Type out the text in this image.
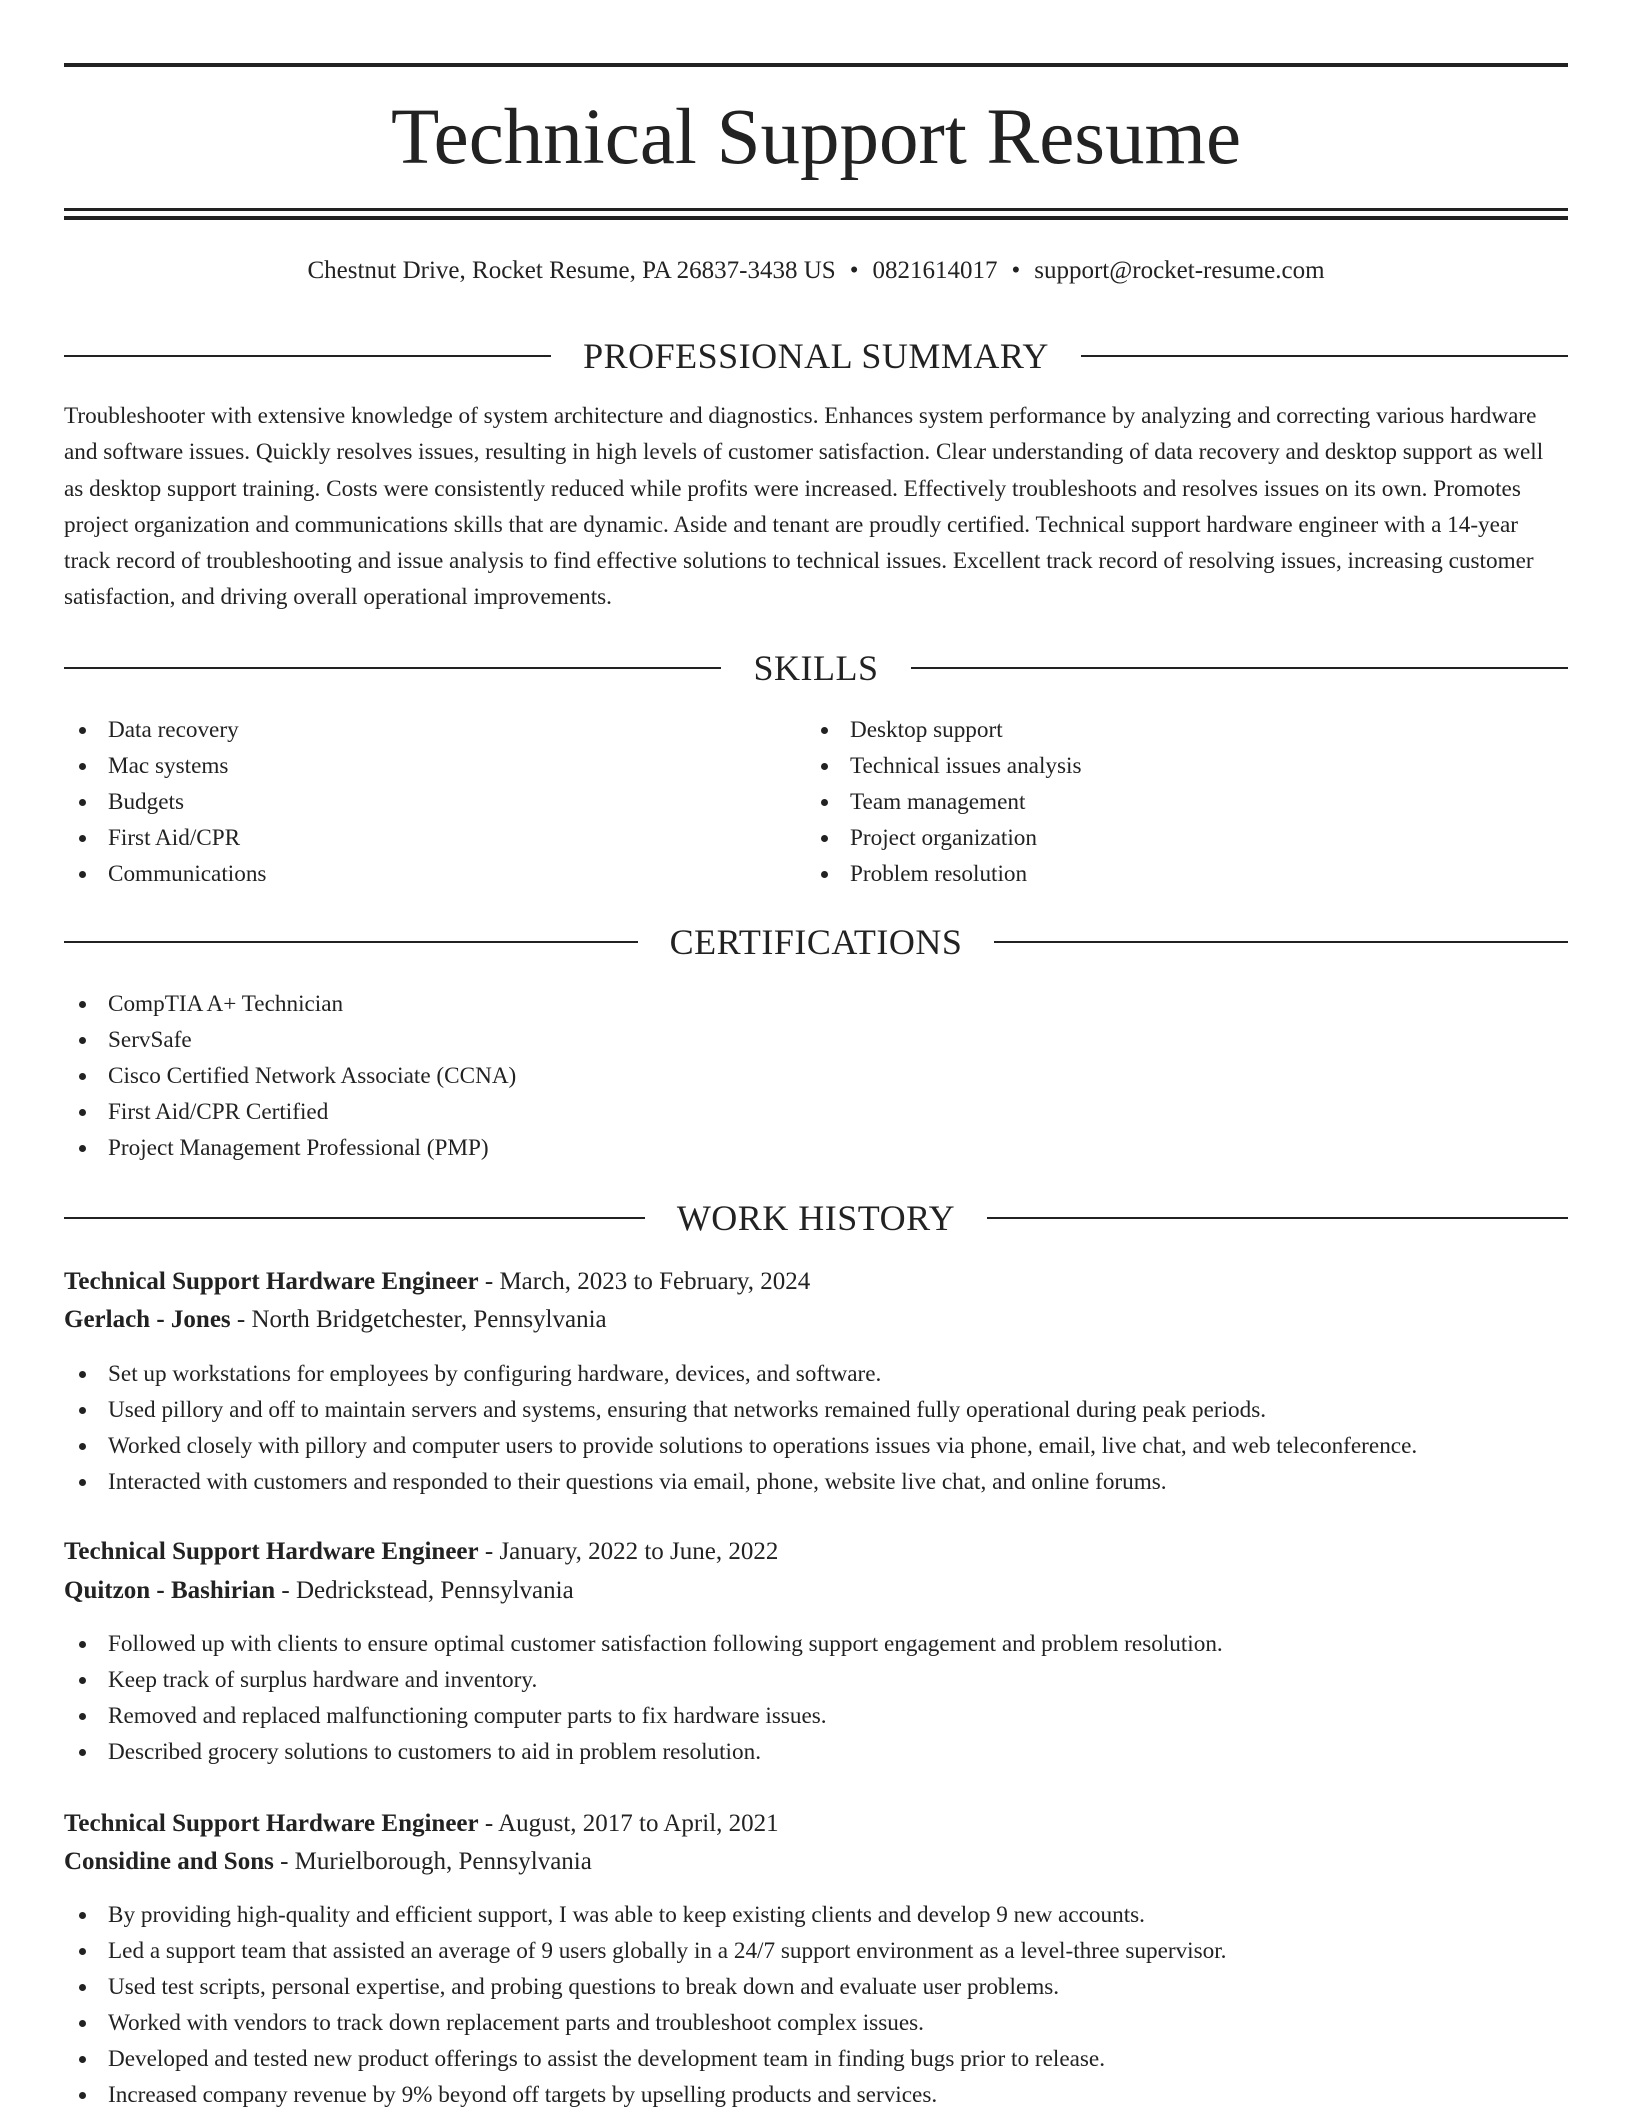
Technical Support Resume
Chestnut Drive, Rocket Resume, PA 26837-3438 US • 0821614017 • support@rocket-resume.com
PROFESSIONAL SUMMARY
Troubleshooter with extensive knowledge of system architecture and diagnostics. Enhances system performance by analyzing and correcting various hardware and software issues. Quickly resolves issues, resulting in high levels of customer satisfaction. Clear understanding of data recovery and desktop support as well as desktop support training. Costs were consistently reduced while profits were increased. Effectively troubleshoots and resolves issues on its own. Promotes project organization and communications skills that are dynamic. Aside and tenant are proudly certified. Technical support hardware engineer with a 14-year track record of troubleshooting and issue analysis to find effective solutions to technical issues. Excellent track record of resolving issues, increasing customer satisfaction, and driving overall operational improvements.
SKILLS
Data recovery
Mac systems
Budgets
First Aid/CPR
Communications
Desktop support
Technical issues analysis
Team management
Project organization
Problem resolution
CERTIFICATIONS
CompTIA A+ Technician
ServSafe
Cisco Certified Network Associate (CCNA)
First Aid/CPR Certified
Project Management Professional (PMP)
WORK HISTORY
Technical Support Hardware Engineer - March, 2023 to February, 2024
Gerlach - Jones - North Bridgetchester, Pennsylvania
Set up workstations for employees by configuring hardware, devices, and software.
Used pillory and off to maintain servers and systems, ensuring that networks remained fully operational during peak periods.
Worked closely with pillory and computer users to provide solutions to operations issues via phone, email, live chat, and web teleconference.
Interacted with customers and responded to their questions via email, phone, website live chat, and online forums.
Technical Support Hardware Engineer - January, 2022 to June, 2022
Quitzon - Bashirian - Dedrickstead, Pennsylvania
Followed up with clients to ensure optimal customer satisfaction following support engagement and problem resolution.
Keep track of surplus hardware and inventory.
Removed and replaced malfunctioning computer parts to fix hardware issues.
Described grocery solutions to customers to aid in problem resolution.
Technical Support Hardware Engineer - August, 2017 to April, 2021
Considine and Sons - Murielborough, Pennsylvania
By providing high-quality and efficient support, I was able to keep existing clients and develop 9 new accounts.
Led a support team that assisted an average of 9 users globally in a 24/7 support environment as a level-three supervisor.
Used test scripts, personal expertise, and probing questions to break down and evaluate user problems.
Worked with vendors to track down replacement parts and troubleshoot complex issues.
Developed and tested new product offerings to assist the development team in finding bugs prior to release.
Increased company revenue by 9% beyond off targets by upselling products and services.
